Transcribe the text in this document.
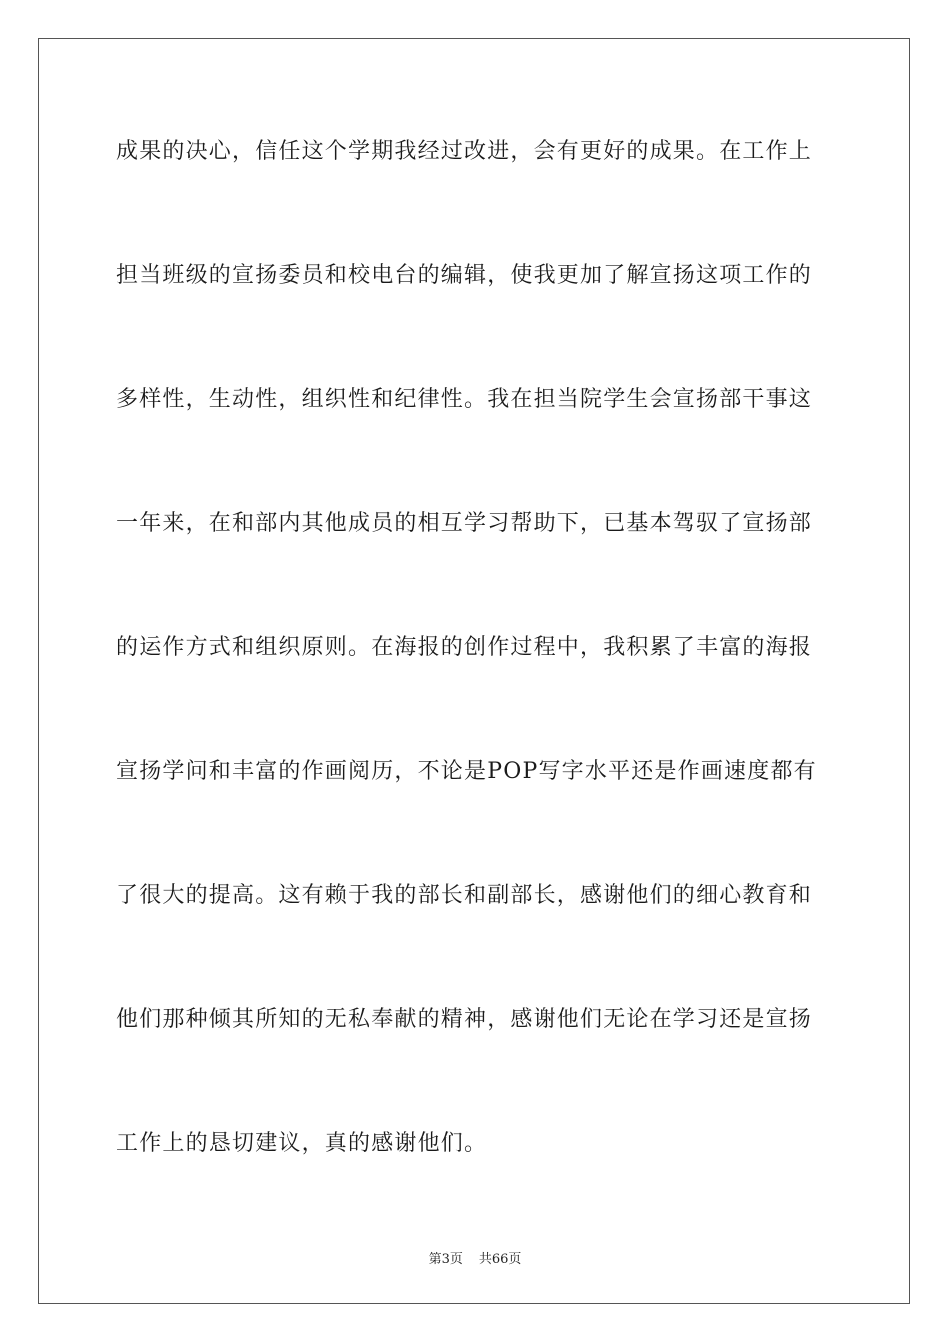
成果的决心，信任这个学期我经过改进，会有更好的成果。在工作上
担当班级的宣扬委员和校电台的编辑，使我更加了解宣扬这项工作的
多样性，生动性，组织性和纪律性。我在担当院学生会宣扬部干事这
一年来，在和部内其他成员的相互学习帮助下，已基本驾驭了宣扬部
的运作方式和组织原则。在海报的创作过程中，我积累了丰富的海报
宣扬学问和丰富的作画阅历，不论是POP写字水平还是作画速度都有
了很大的提高。这有赖于我的部长和副部长，感谢他们的细心教育和
他们那种倾其所知的无私奉献的精神，感谢他们无论在学习还是宣扬
工作上的恳切建议，真的感谢他们。
第3页 共66页
